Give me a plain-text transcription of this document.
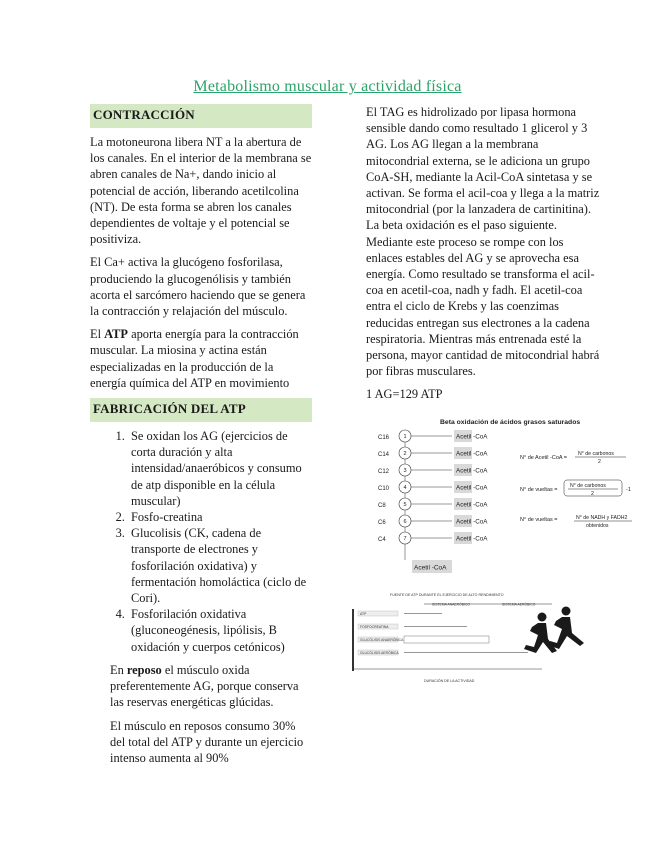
Metabolismo muscular y actividad física
CONTRACCIÓN

La motoneurona libera NT a la abertura de los canales. En el interior de la membrana se abren canales de Na+, dando inicio al potencial de acción, liberando acetilcolina (NT). De esta forma se abren los canales dependientes de voltaje y el potencial se positiviza.

El Ca+ activa la glucógeno fosforilasa, produciendo la glucogenólisis y también acorta el sarcómero haciendo que se genera la contracción y relajación del músculo.

El ATP aporta energía para la contracción muscular. La miosina y actina están especializadas en la producción de la energía química del ATP en movimiento

FABRICACIÓN DEL ATP
1. Se oxidan los AG (ejercicios de corta duración y alta intensidad/anaeróbicos y consumo de atp disponible en la célula muscular)
2. Fosfo-creatina
3. Glucolisis (CK, cadena de transporte de electrones y fosforilación oxidativa) y fermentación homoláctica (ciclo de Cori).
4. Fosforilación oxidativa (gluconeogénesis, lipólisis, B oxidación y cuerpos cetónicos)

En reposo el músculo oxida preferentemente AG, porque conserva las reservas energéticas glúcidas.

El músculo en reposos consumo 30% del total del ATP y durante un ejercicio intenso aumenta al 90%

El TAG es hidrolizado por lipasa hormona sensible dando como resultado 1 glicerol y 3 AG. Los AG llegan a la membrana mitocondrial externa, se le adiciona un grupo CoA-SH, mediante la Acil-CoA sintetasa y se activan. Se forma el acil-coa y llega a la matriz mitocondrial (por la lanzadera de cartinitina). La beta oxidación es el paso siguiente. Mediante este proceso se rompe con los enlaces estables del AG y se aprovecha esa energía. Como resultado se transforma el acil-coa en acetil-coa, nadh y fadh. El acetil-coa entra el ciclo de Krebs y las coenzimas reducidas entregan sus electrones a la cadena respiratoria. Mientras más entrenada esté la persona, mayor cantidad de mitocondrial habrá por fibras musculares.

1 AG=129 ATP

Beta oxidación de ácidos grasos saturados
C16	1	Acetil -CoA
C14	2	Acetil -CoA
C12	3	Acetil -CoA
C10	4	Acetil -CoA
C8	5	Acetil -CoA
C6	6	Acetil -CoA
C4	7	Acetil -CoA
Acetil -CoA
N° de Acetil -CoA =
N° de carbonos
2
N° de vueltas =
N° de carbonos
2
-1
N° de vueltas =	N° de NADH y FADH2
obtenidos

FUENTE DE ATP DURANTE EL EJERCICIO DE ALTO RENDIMIENTO
SISTEMA ANAERÓBICO	SISTEMA AERÓBICO
ATP
FOSFOCREATINA
GLUCÓLISIS ANAERÓBICA
GLUCÓLISIS AERÓBICA
DURACIÓN DE LA ACTIVIDAD
